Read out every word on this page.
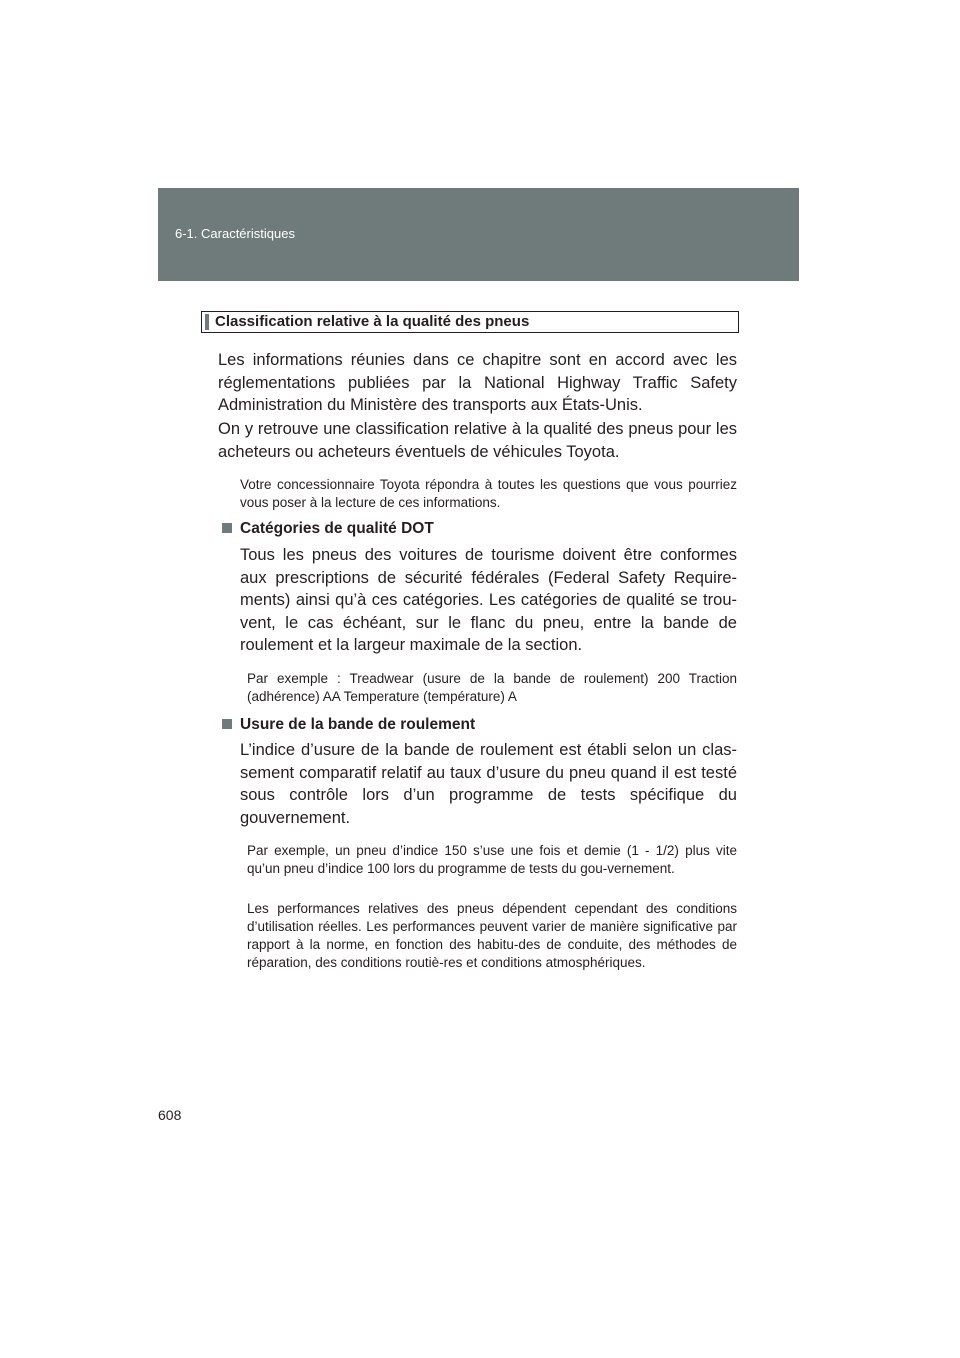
6-1. Caractéristiques
Classification relative à la qualité des pneus
Les informations réunies dans ce chapitre sont en accord avec les réglementations publiées par la National Highway Traffic Safety Administration du Ministère des transports aux États-Unis.
On y retrouve une classification relative à la qualité des pneus pour les acheteurs ou acheteurs éventuels de véhicules Toyota.
Votre concessionnaire Toyota répondra à toutes les questions que vous pourriez vous poser à la lecture de ces informations.
Catégories de qualité DOT
Tous les pneus des voitures de tourisme doivent être conformes aux prescriptions de sécurité fédérales (Federal Safety Require-ments) ainsi qu’à ces catégories. Les catégories de qualité se trou-vent, le cas échéant, sur le flanc du pneu, entre la bande de roulement et la largeur maximale de la section.
Par exemple : Treadwear (usure de la bande de roulement) 200 Traction (adhérence) AA Temperature (température) A
Usure de la bande de roulement
L’indice d’usure de la bande de roulement est établi selon un clas-sement comparatif relatif au taux d’usure du pneu quand il est testé sous contrôle lors d’un programme de tests spécifique du gouvernement.
Par exemple, un pneu d’indice 150 s’use une fois et demie (1 - 1/2) plus vite qu’un pneu d’indice 100 lors du programme de tests du gou-vernement.
Les performances relatives des pneus dépendent cependant des conditions d’utilisation réelles. Les performances peuvent varier de manière significative par rapport à la norme, en fonction des habitu-des de conduite, des méthodes de réparation, des conditions routiè-res et conditions atmosphériques.
608
